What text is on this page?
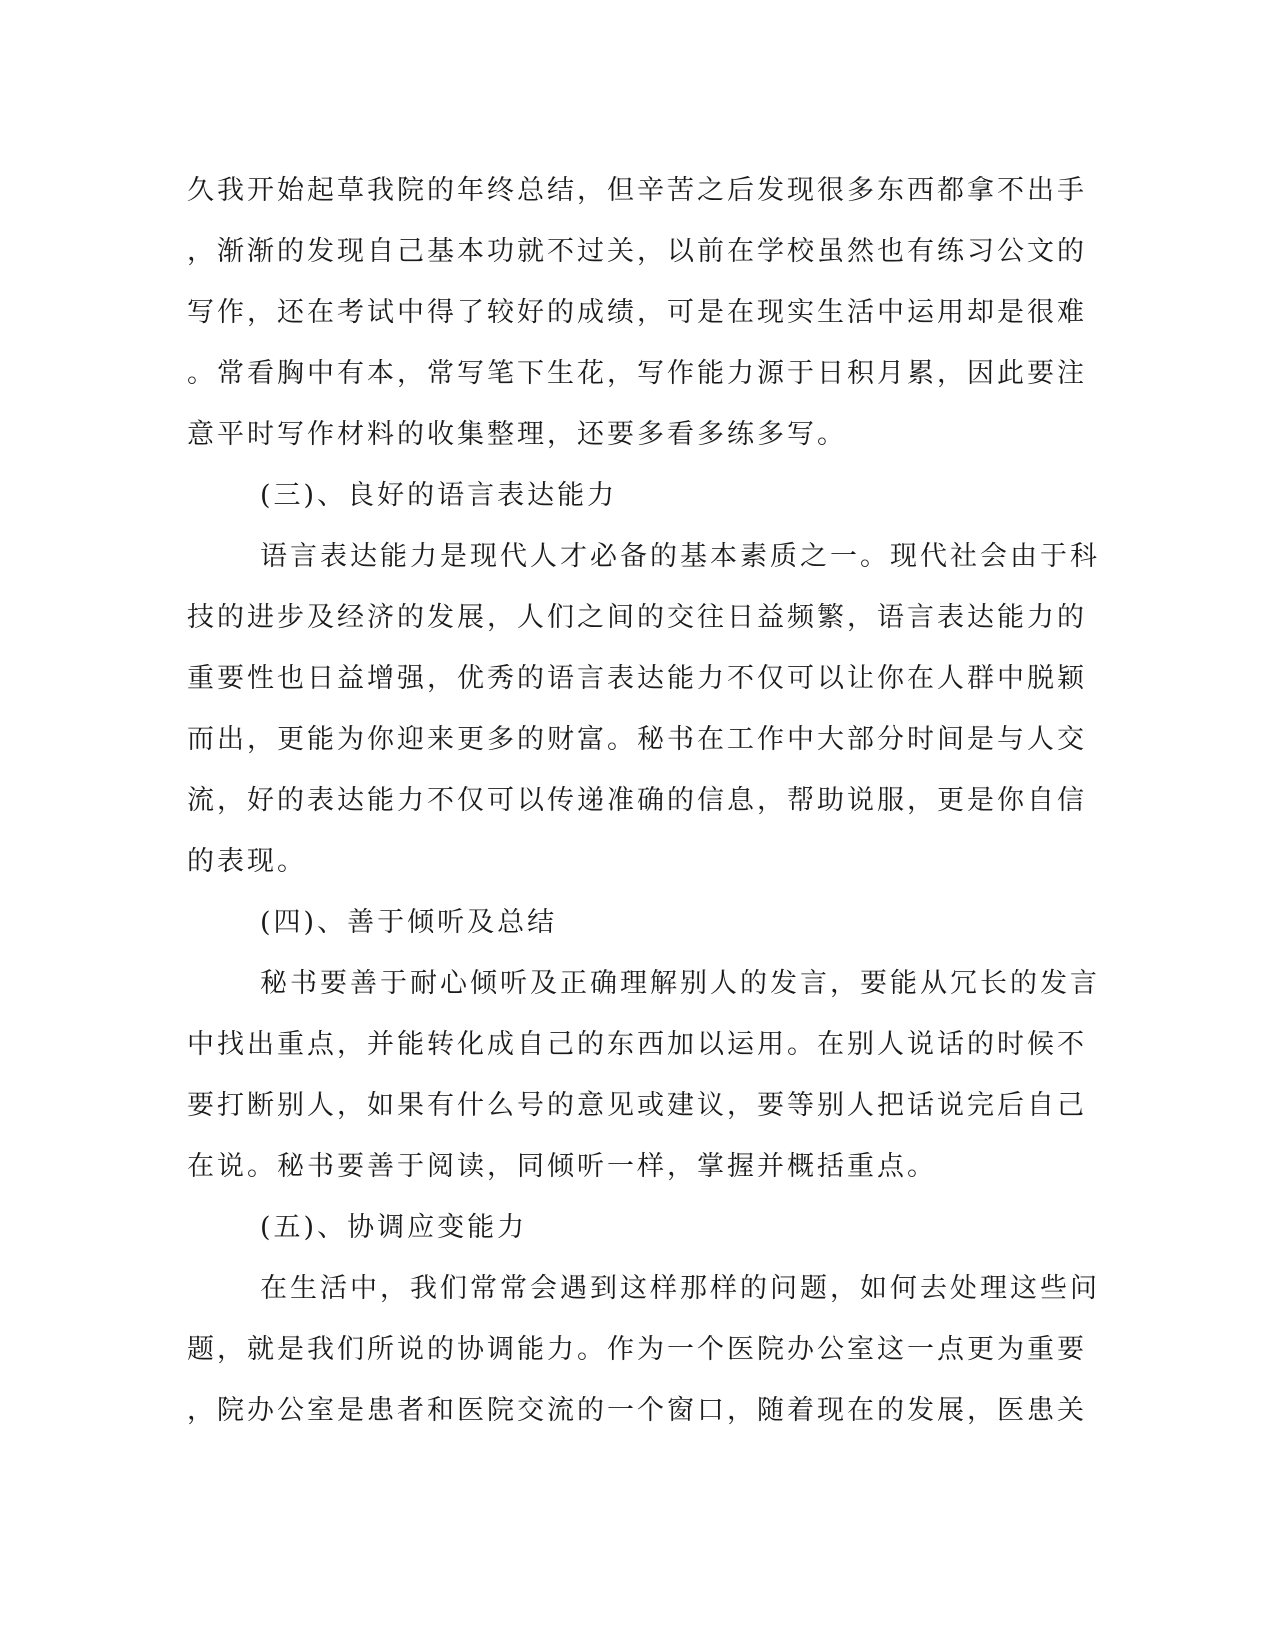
久我开始起草我院的年终总结，但辛苦之后发现很多东西都拿不出手
，渐渐的发现自己基本功就不过关，以前在学校虽然也有练习公文的
写作，还在考试中得了较好的成绩，可是在现实生活中运用却是很难
。常看胸中有本，常写笔下生花，写作能力源于日积月累，因此要注
意平时写作材料的收集整理，还要多看多练多写。
(三)、良好的语言表达能力
语言表达能力是现代人才必备的基本素质之一。现代社会由于科
技的进步及经济的发展，人们之间的交往日益频繁，语言表达能力的
重要性也日益增强，优秀的语言表达能力不仅可以让你在人群中脱颖
而出，更能为你迎来更多的财富。秘书在工作中大部分时间是与人交
流，好的表达能力不仅可以传递准确的信息，帮助说服，更是你自信
的表现。
(四)、善于倾听及总结
秘书要善于耐心倾听及正确理解别人的发言，要能从冗长的发言
中找出重点，并能转化成自己的东西加以运用。在别人说话的时候不
要打断别人，如果有什么号的意见或建议，要等别人把话说完后自己
在说。秘书要善于阅读，同倾听一样，掌握并概括重点。
(五)、协调应变能力
在生活中，我们常常会遇到这样那样的问题，如何去处理这些问
题，就是我们所说的协调能力。作为一个医院办公室这一点更为重要
，院办公室是患者和医院交流的一个窗口，随着现在的发展，医患关
